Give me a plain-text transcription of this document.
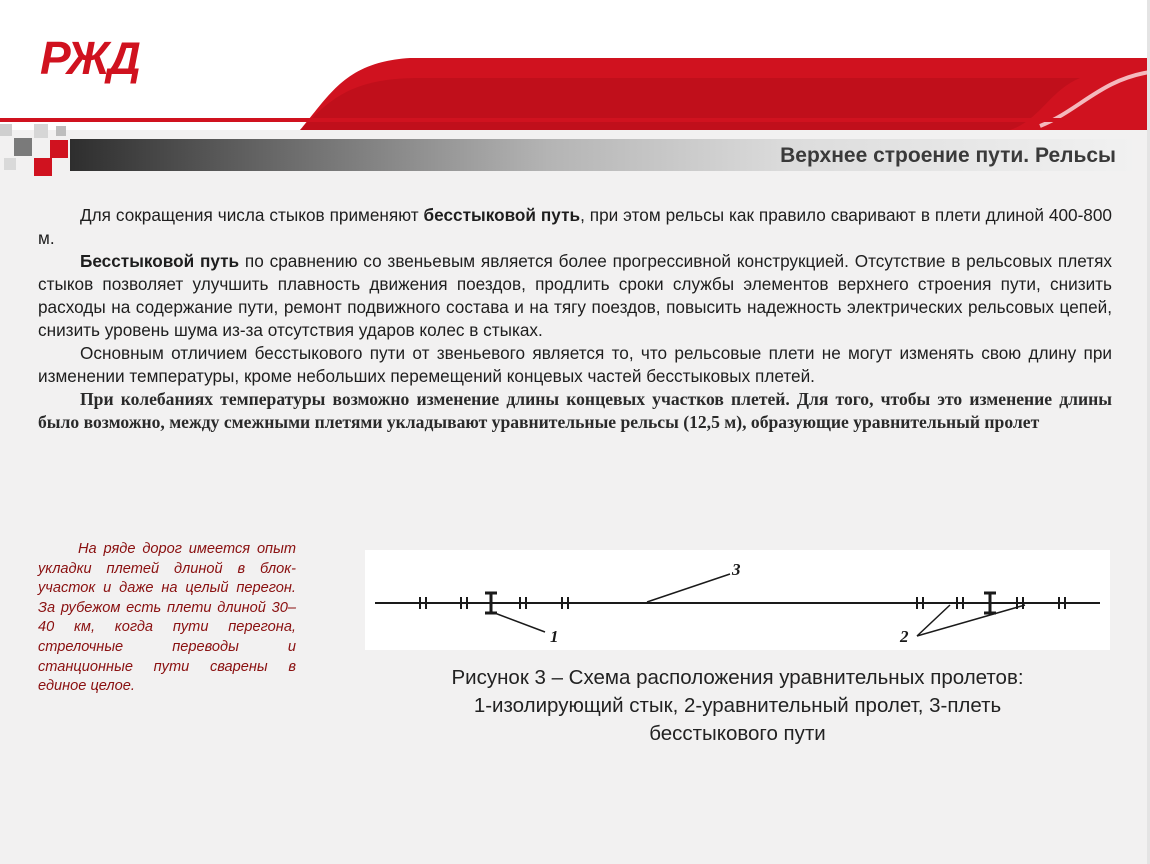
РЖД
Верхнее строение пути. Рельсы

Для сокращения числа стыков применяют бесстыковой путь, при этом рельсы как правило сваривают в плети длиной 400-800 м.

Бесстыковой путь по сравнению со звеньевым является более прогрессивной конструкцией. Отсутствие в рельсовых плетях стыков позволяет улучшить плавность движения поездов, продлить сроки службы элементов верхнего строения пути, снизить расходы на содержание пути, ремонт подвижного состава и на тягу поездов, повысить надежность электрических рельсовых цепей, снизить уровень шума из-за отсутствия ударов колес в стыках.

Основным отличием бесстыкового пути от звеньевого является то, что рельсовые плети не могут изменять свою длину при изменении температуры, кроме небольших перемещений концевых частей бесстыковых плетей.

При колебаниях температуры возможно изменение длины концевых участков плетей. Для того, чтобы это изменение длины было возможно, между смежными плетями укладывают уравнительные рельсы (12,5 м), образующие уравнительный пролет

На ряде дорог имеется опыт укладки плетей длиной в блок-участок и даже на целый перегон. За рубежом есть плети длиной 30–40 км, когда пути перегона, стрелочные переводы и станционные пути сварены в единое целое.
1
3
2
Рисунок 3 – Схема расположения уравнительных пролетов:
1-изолирующий стык, 2-уравнительный пролет, 3-плеть
бесстыкового пути
